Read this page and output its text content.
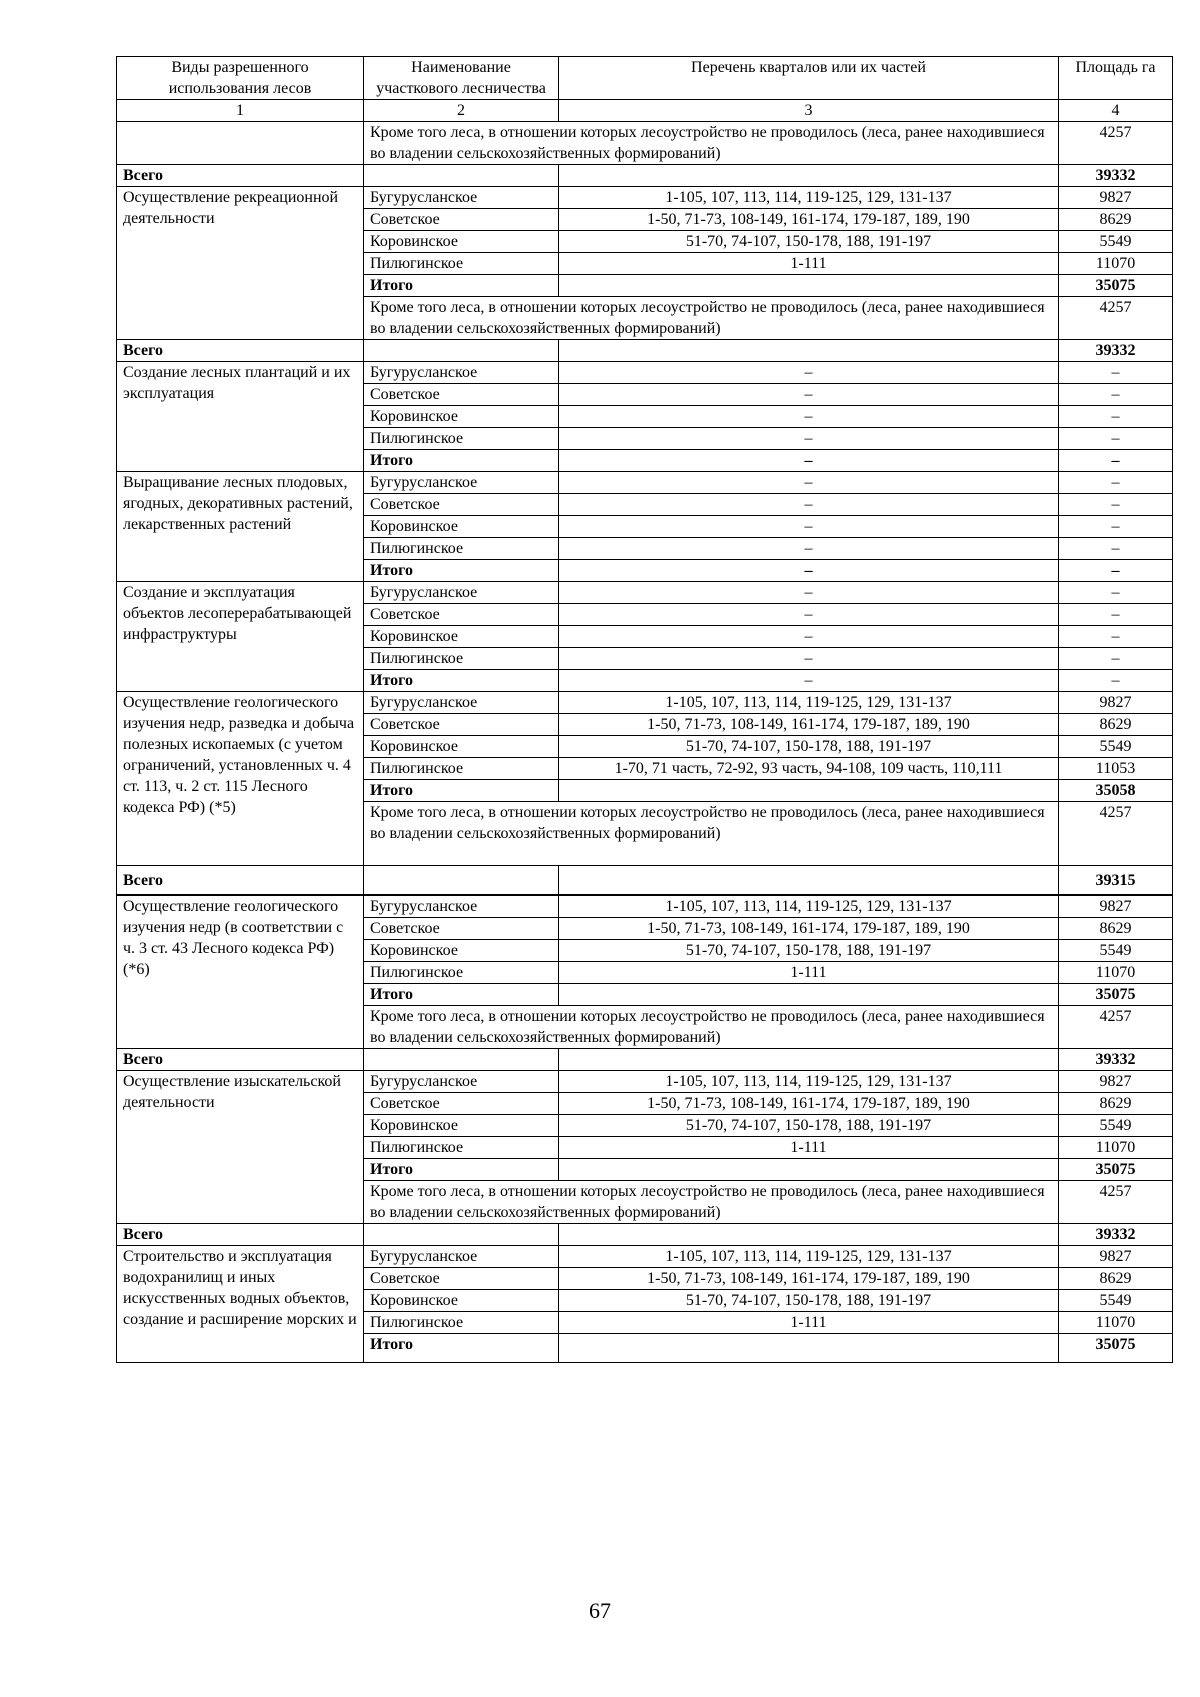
Виды разрешенного использования лесов	Наименование участкового лесничества	Перечень кварталов или их частей	Площадь га
1	2	3	4
	Кроме того леса, в отношении которых лесоустройство не проводилось (леса, ранее находившиеся во владении сельскохозяйственных формирований)		4257
Всего			39332
Осуществление рекреационной деятельности	Бугурусланское	1-105, 107, 113, 114, 119-125, 129, 131-137	9827
	Советское	1-50, 71-73, 108-149, 161-174, 179-187, 189, 190	8629
	Коровинское	51-70, 74-107, 150-178, 188, 191-197	5549
	Пилюгинское	1-111	11070
	Итого		35075
	Кроме того леса, в отношении которых лесоустройство не проводилось (леса, ранее находившиеся во владении сельскохозяйственных формирований)		4257
Всего			39332
Создание лесных плантаций и их эксплуатация	Бугурусланское	–	–
	Советское	–	–
	Коровинское	–	–
	Пилюгинское	–	–
	Итого	–	–
Выращивание лесных плодовых, ягодных, декоративных растений, лекарственных растений	Бугурусланское	–	–
	Советское	–	–
	Коровинское	–	–
	Пилюгинское	–	–
	Итого	–	–
Создание и эксплуатация объектов лесоперерабатывающей инфраструктуры	Бугурусланское	–	–
	Советское	–	–
	Коровинское	–	–
	Пилюгинское	–	–
	Итого	–	–
Осуществление геологического изучения недр, разведка и добыча полезных ископаемых (с учетом ограничений, установленных ч. 4 ст. 113, ч. 2 ст. 115 Лесного кодекса РФ) (*5)	Бугурусланское	1-105, 107, 113, 114, 119-125, 129, 131-137	9827
	Советское	1-50, 71-73, 108-149, 161-174, 179-187, 189, 190	8629
	Коровинское	51-70, 74-107, 150-178, 188, 191-197	5549
	Пилюгинское	1-70, 71 часть, 72-92, 93 часть, 94-108, 109 часть, 110,111	11053
	Итого		35058
	Кроме того леса, в отношении которых лесоустройство не проводилось (леса, ранее находившиеся во владении сельскохозяйственных формирований)		4257
Всего			39315
Осуществление геологического изучения недр (в соответствии с ч. 3 ст. 43 Лесного кодекса РФ) (*6)	Бугурусланское	1-105, 107, 113, 114, 119-125, 129, 131-137	9827
	Советское	1-50, 71-73, 108-149, 161-174, 179-187, 189, 190	8629
	Коровинское	51-70, 74-107, 150-178, 188, 191-197	5549
	Пилюгинское	1-111	11070
	Итого		35075
	Кроме того леса, в отношении которых лесоустройство не проводилось (леса, ранее находившиеся во владении сельскохозяйственных формирований)		4257
Всего			39332
Осуществление изыскательской деятельности	Бугурусланское	1-105, 107, 113, 114, 119-125, 129, 131-137	9827
	Советское	1-50, 71-73, 108-149, 161-174, 179-187, 189, 190	8629
	Коровинское	51-70, 74-107, 150-178, 188, 191-197	5549
	Пилюгинское	1-111	11070
	Итого		35075
	Кроме того леса, в отношении которых лесоустройство не проводилось (леса, ранее находившиеся во владении сельскохозяйственных формирований)		4257
Всего			39332
Строительство и эксплуатация водохранилищ и иных искусственных водных объектов, создание и расширение морских и	Бугурусланское	1-105, 107, 113, 114, 119-125, 129, 131-137	9827
	Советское	1-50, 71-73, 108-149, 161-174, 179-187, 189, 190	8629
	Коровинское	51-70, 74-107, 150-178, 188, 191-197	5549
	Пилюгинское	1-111	11070
	Итого		35075
67
